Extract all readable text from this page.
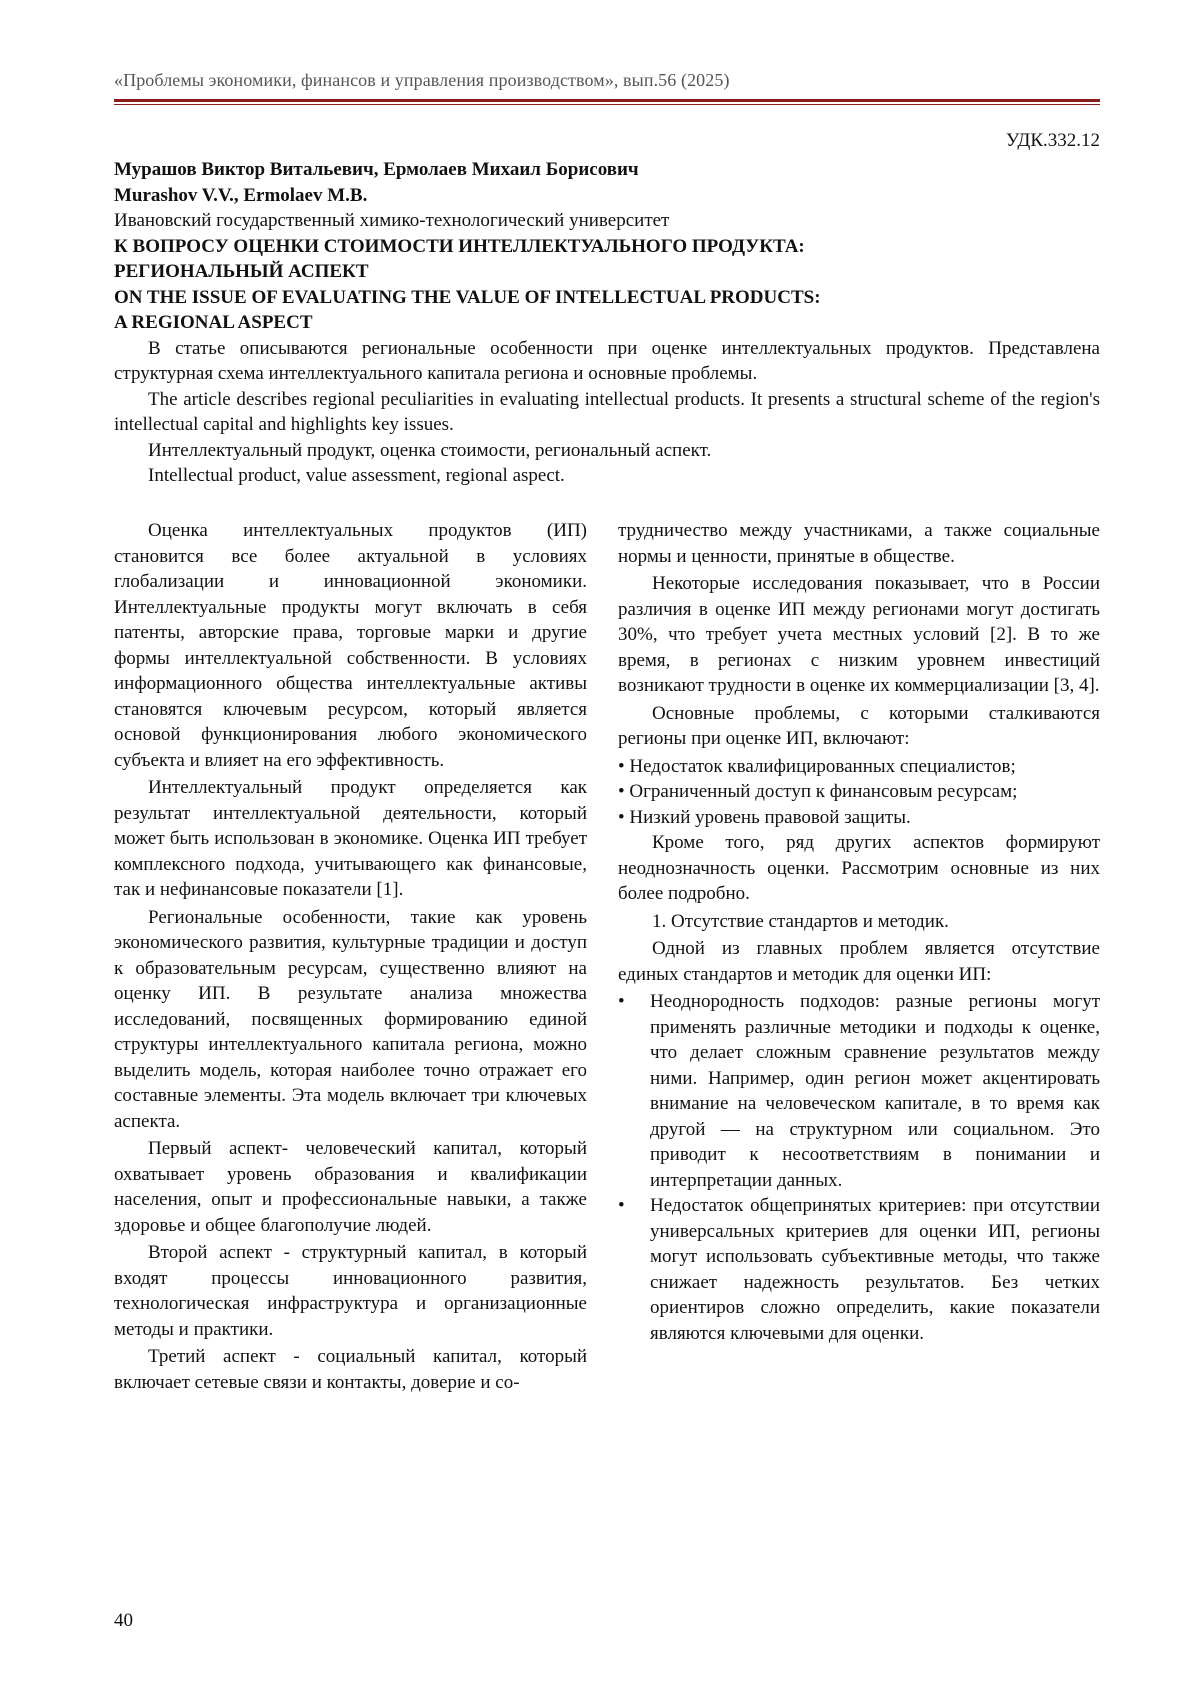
«Проблемы экономики, финансов и управления производством», вып.56 (2025)
УДК.332.12
Мурашов Виктор Витальевич, Ермолаев Михаил Борисович
Murashov V.V., Ermolaev M.B.
Ивановский государственный химико-технологический университет
К ВОПРОСУ ОЦЕНКИ СТОИМОСТИ ИНТЕЛЛЕКТУАЛЬНОГО ПРОДУКТА:
РЕГИОНАЛЬНЫЙ АСПЕКТ
ON THE ISSUE OF EVALUATING THE VALUE OF INTELLECTUAL PRODUCTS:
A REGIONAL ASPECT

В статье описываются региональные особенности при оценке интеллектуальных продуктов. Представлена структурная схема интеллектуального капитала региона и основные проблемы.

The article describes regional peculiarities in evaluating intellectual products. It presents a structural scheme of the region's intellectual capital and highlights key issues.

Интеллектуальный продукт, оценка стоимости, региональный аспект.

Intellectual product, value assessment, regional aspect.

Оценка интеллектуальных продуктов (ИП) становится все более актуальной в условиях глобализации и инновационной экономики. Интеллектуальные продукты могут включать в себя патенты, авторские права, торговые марки и другие формы интеллектуальной собственности. В условиях информационного общества интеллектуальные активы становятся ключевым ресурсом, который является основой функционирования любого экономического субъекта и влияет на его эффективность.

Интеллектуальный продукт определяется как результат интеллектуальной деятельности, который может быть использован в экономике. Оценка ИП требует комплексного подхода, учитывающего как финансовые, так и нефинансовые показатели [1].

Региональные особенности, такие как уровень экономического развития, культурные традиции и доступ к образовательным ресурсам, существенно влияют на оценку ИП. В результате анализа множества исследований, посвященных формированию единой структуры интеллектуального капитала региона, можно выделить модель, которая наиболее точно отражает его составные элементы. Эта модель включает три ключевых аспекта.

Первый аспект- человеческий капитал, который охватывает уровень образования и квалификации населения, опыт и профессиональные навыки, а также здоровье и общее благополучие людей.

Второй аспект - структурный капитал, в который входят процессы инновационного развития, технологическая инфраструктура и организационные методы и практики.

Третий аспект - социальный капитал, который включает сетевые связи и контакты, доверие и со-

трудничество между участниками, а также социальные нормы и ценности, принятые в обществе.

Некоторые исследования показывает, что в России различия в оценке ИП между регионами могут достигать 30%, что требует учета местных условий [2]. В то же время, в регионах с низким уровнем инвестиций возникают трудности в оценке их коммерциализации [3, 4].

Основные проблемы, с которыми сталкиваются регионы при оценке ИП, включают:

• Недостаток квалифицированных специалистов;
• Ограниченный доступ к финансовым ресурсам;
• Низкий уровень правовой защиты.

Кроме того, ряд других аспектов формируют неоднозначность оценки. Рассмотрим основные из них более подробно.

1. Отсутствие стандартов и методик.

Одной из главных проблем является отсутствие единых стандартов и методик для оценки ИП:

• Неоднородность подходов: разные регионы могут применять различные методики и подходы к оценке, что делает сложным сравнение результатов между ними. Например, один регион может акцентировать внимание на человеческом капитале, в то время как другой — на структурном или социальном. Это приводит к несоответствиям в понимании и интерпретации данных.
• Недостаток общепринятых критериев: при отсутствии универсальных критериев для оценки ИП, регионы могут использовать субъективные методы, что также снижает надежность результатов. Без четких ориентиров сложно определить, какие показатели являются ключевыми для оценки.
40
